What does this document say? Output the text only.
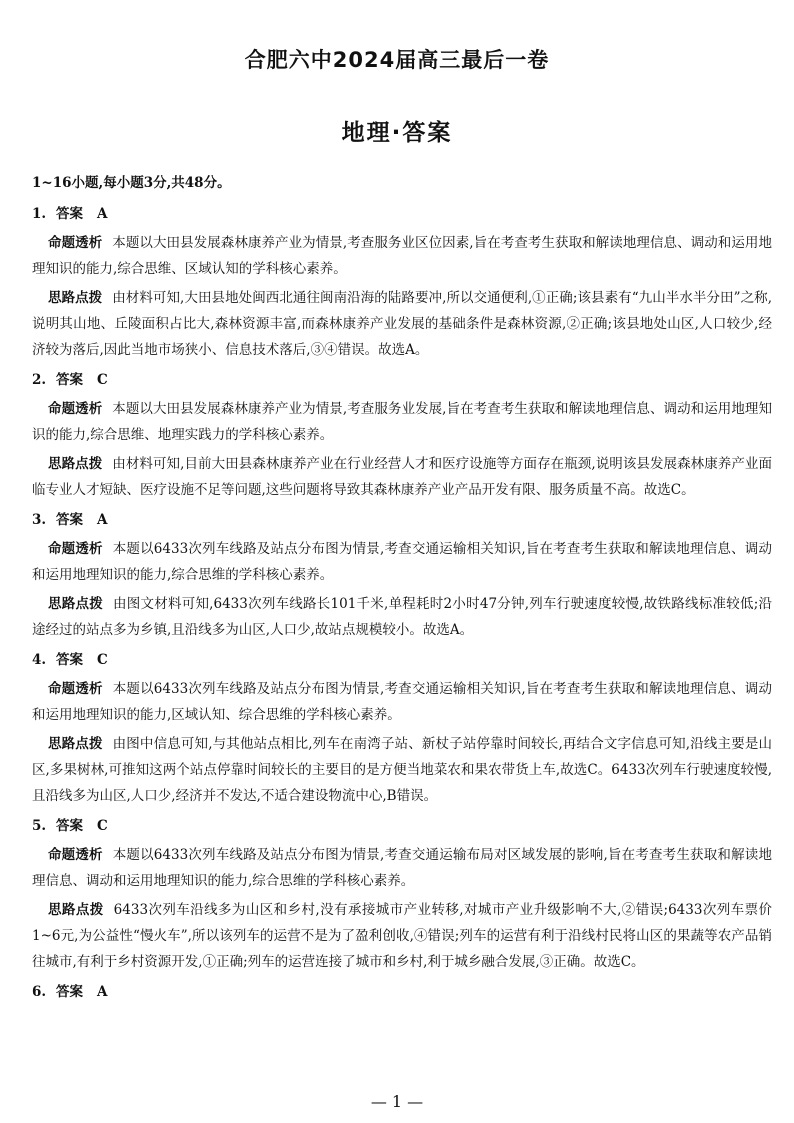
合肥六中2024届高三最后一卷
地理·答案
1~16小题,每小题3分,共48分。
1. 答案 A
命题透析 本题以大田县发展森林康养产业为情景,考查服务业区位因素,旨在考查考生获取和解读地理信息、调动和运用地理知识的能力,综合思维、区域认知的学科核心素养。
思路点拨 由材料可知,大田县地处闽西北通往闽南沿海的陆路要冲,所以交通便利,①正确;该县素有“九山半水半分田”之称,说明其山地、丘陵面积占比大,森林资源丰富,而森林康养产业发展的基础条件是森林资源,②正确;该县地处山区,人口较少,经济较为落后,因此当地市场狭小、信息技术落后,③④错误。故选A。
2. 答案 C
命题透析 本题以大田县发展森林康养产业为情景,考查服务业发展,旨在考查考生获取和解读地理信息、调动和运用地理知识的能力,综合思维、地理实践力的学科核心素养。
思路点拨 由材料可知,目前大田县森林康养产业在行业经营人才和医疗设施等方面存在瓶颈,说明该县发展森林康养产业面临专业人才短缺、医疗设施不足等问题,这些问题将导致其森林康养产业产品开发有限、服务质量不高。故选C。
3. 答案 A
命题透析 本题以6433次列车线路及站点分布图为情景,考查交通运输相关知识,旨在考查考生获取和解读地理信息、调动和运用地理知识的能力,综合思维的学科核心素养。
思路点拨 由图文材料可知,6433次列车线路长101千米,单程耗时2小时47分钟,列车行驶速度较慢,故铁路线标准较低;沿途经过的站点多为乡镇,且沿线多为山区,人口少,故站点规模较小。故选A。
4. 答案 C
命题透析 本题以6433次列车线路及站点分布图为情景,考查交通运输相关知识,旨在考查考生获取和解读地理信息、调动和运用地理知识的能力,区域认知、综合思维的学科核心素养。
思路点拨 由图中信息可知,与其他站点相比,列车在南湾子站、新杖子站停靠时间较长,再结合文字信息可知,沿线主要是山区,多果树林,可推知这两个站点停靠时间较长的主要目的是方便当地菜农和果农带货上车,故选C。6433次列车行驶速度较慢,且沿线多为山区,人口少,经济并不发达,不适合建设物流中心,B错误。
5. 答案 C
命题透析 本题以6433次列车线路及站点分布图为情景,考查交通运输布局对区域发展的影响,旨在考查考生获取和解读地理信息、调动和运用地理知识的能力,综合思维的学科核心素养。
思路点拨 6433次列车沿线多为山区和乡村,没有承接城市产业转移,对城市产业升级影响不大,②错误;6433次列车票价1~6元,为公益性“慢火车”,所以该列车的运营不是为了盈利创收,④错误;列车的运营有利于沿线村民将山区的果蔬等农产品销往城市,有利于乡村资源开发,①正确;列车的运营连接了城市和乡村,利于城乡融合发展,③正确。故选C。
6. 答案 A
— 1 —
